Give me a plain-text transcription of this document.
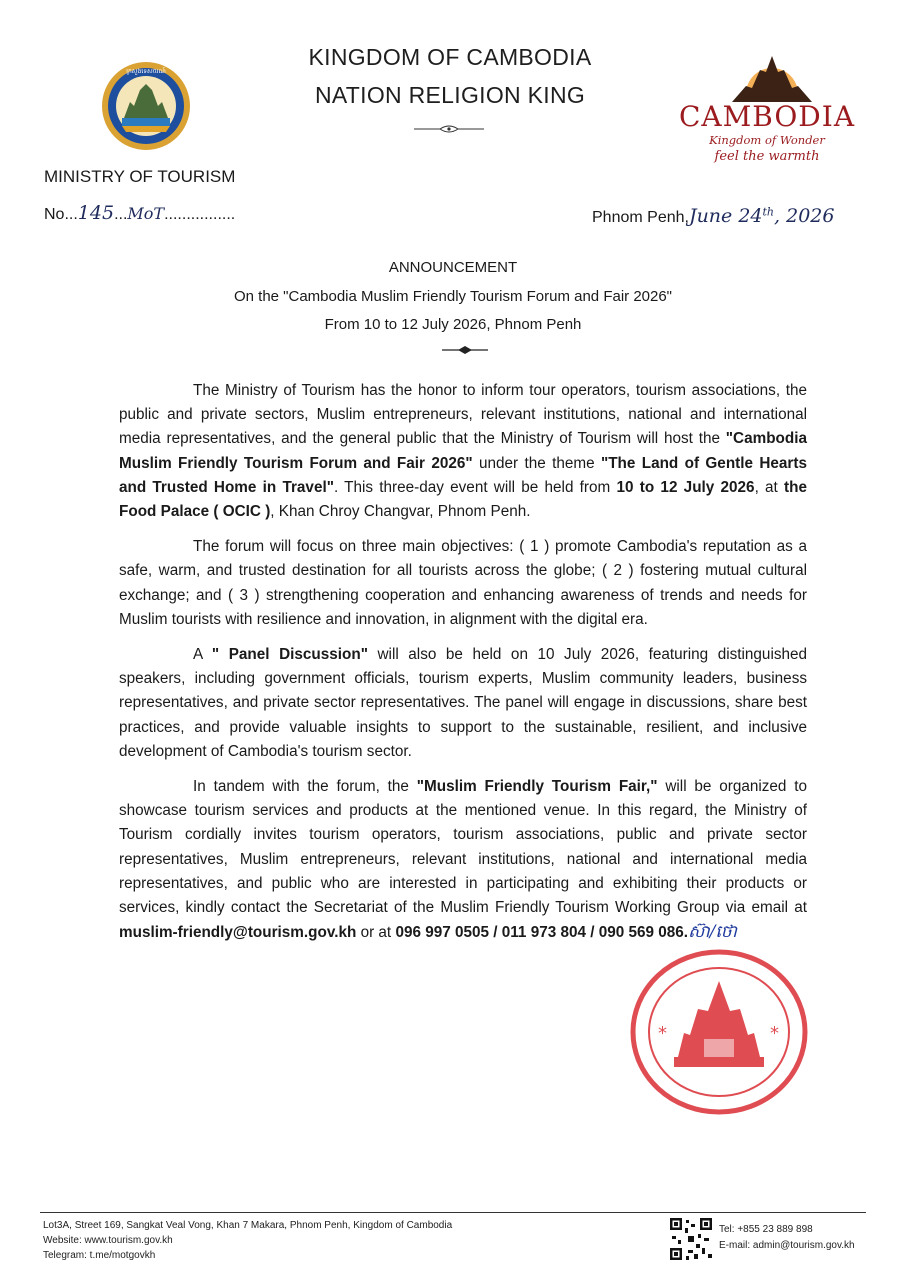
ក្រសួងទេសចរណ៍
KINGDOM OF CAMBODIA
NATION RELIGION KING
CAMBODIA
Kingdom of Wonder
feel the warmth
MINISTRY OF TOURISM
No...145...MoT................	Phnom Penh,June 24th, 2026
ANNOUNCEMENT
On the "Cambodia Muslim Friendly Tourism Forum and Fair 2026"
From 10 to 12 July 2026, Phnom Penh

The Ministry of Tourism has the honor to inform tour operators, tourism associations, the public and private sectors, Muslim entrepreneurs, relevant institutions, national and international media representatives, and the general public that the Ministry of Tourism will host the "Cambodia Muslim Friendly Tourism Forum and Fair 2026" under the theme "The Land of Gentle Hearts and Trusted Home in Travel". This three-day event will be held from 10 to 12 July 2026, at the Food Palace ( OCIC ), Khan Chroy Changvar, Phnom Penh.

The forum will focus on three main objectives: ( 1 ) promote Cambodia's reputation as a safe, warm, and trusted destination for all tourists across the globe; ( 2 ) fostering mutual cultural exchange; and ( 3 ) strengthening cooperation and enhancing awareness of trends and needs for Muslim tourists with resilience and innovation, in alignment with the digital era.

A " Panel Discussion" will also be held on 10 July 2026, featuring distinguished speakers, including government officials, tourism experts, Muslim community leaders, business representatives, and private sector representatives. The panel will engage in discussions, share best practices, and provide valuable insights to support to the sustainable, resilient, and inclusive development of Cambodia's tourism sector.

In tandem with the forum, the "Muslim Friendly Tourism Fair," will be organized to showcase tourism services and products at the mentioned venue. In this regard, the Ministry of Tourism cordially invites tourism operators, tourism associations, public and private sector representatives, Muslim entrepreneurs, relevant institutions, national and international media representatives, and public who are interested in participating and exhibiting their products or services, kindly contact the Secretariat of the Muslim Friendly Tourism Working Group via email at muslim-friendly@tourism.gov.kh or at 096 997 0505 / 011 973 804 / 090 569 086.ស៊ា/ថោ

*	*
Lot3A, Street 169, Sangkat Veal Vong, Khan 7 Makara, Phnom Penh, Kingdom of Cambodia
Website: www.tourism.gov.kh
Telegram: t.me/motgovkh
Tel: +855 23 889 898
E-mail: admin@tourism.gov.kh
